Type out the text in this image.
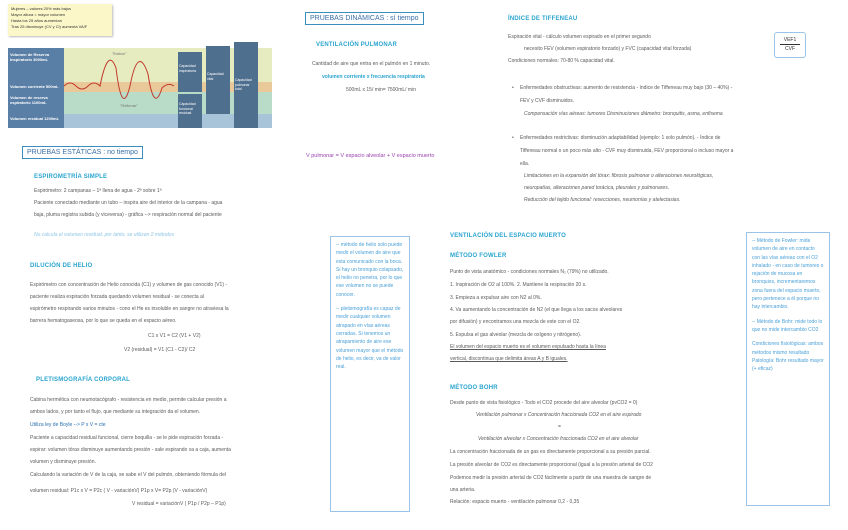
Mujeres – valores 20% más bajos
Mayor altura = mayor volumen
Hasta los 25 años aumentan
Tras 25 disminuye (CV y Cl) aumenta VA/F
Volumen de Reserva Inspiratorio 3000mL
Volumen corriente 500mL
Volumen de reserva espiratorio 1100mL
Volumen residual 1200mL
Capacidad inspiratoria
Capacidad funcional residual
Capacidad vital	Capacidad pulmonar total
"Estirar"
"Rellenar"
PRUEBAS ESTÁTICAS : no tiempo
ESPIROMETRÍA SIMPLE
Espirómetro: 2 campanas – 1ª llena de agua - 2ª sobre 1ª
Paciente conectado mediante un tubo – inspira aire del interior de la campana - agua
baja, pluma registra subida (y viceversa) - gráfica --> respiración normal del paciente
No calcula el volumen residual, por tanto, se utilizan 2 métodos
DILUCIÓN DE HELIO
Espirómetro con concentración de Helio conocida (C1) y volumen de gas conocido (V1) -
paciente realiza espiración forzada quedando volumen residual - se conecta al
espirómetro respirando varios minutos - cono el He es insoluble en sangre no atraviesa la
barrera hematogaseosa, por lo que se queda en el espacio aéreo.
C1 x V1 = C2 (V1 + V2)
V2 (residual) = V1 (C1 - C2)/ C2
PLETISMOGRAFÍA CORPORAL
Cabina hermética con neumotacógrafo - resistencia en medio, permite calcular presión a
ambos lados, y por tanto el flujo, que mediante su integración da el volumen.
Utiliza ley de Boyle --> P x V = cte
Paciente a capacidad residual funcional, cierre boquilla - se le pide espiración forzada -
espirar: volumen tórax disminuye aumentando presión - sale espirando va a caja, aumenta
volumen y disminuye presión.
Calculando la variación de V de la caja, se sabe el V del pulmón, obteniendo fórmula del
volumen residual: P1c x V = P2c ( V - variaciónV) P1p x V= P2p (V - variaciónV)
V residual = variaciónV ( P1p / P2p – P1p)

-- método de helio solo puede medir el volumen de aire que esta comunicado con la boca. Si hay un bronquio colapsado, el helio no penetra, por lo que ese volumen no se puede conocer.

-- pletismografía es capaz de medir cualquier volumen atrapado en vías aéreas cerradas. Si tenemos un atrapamiento de aire ese volumen mayor que el método de helio, es decir, va de valor real.

PRUEBAS DINÁMICAS : sí tiempo
VENTILACIÓN PULMONAR
Cantidad de aire que entra en el pulmón en 1 minuto.
volumen corriente x frecuencia respiratoria
500mL x 15/ min= 7500mL/ min
V pulmonar = V espacio alveolar + V espacio muerto
ÍNDICE DE TIFFENEAU
Espiración vital - cálculo volumen espirado en el primer segundo
necesito FEV (volumen espiratorio forzado) y FVC (capacidad vital forzada)
Condiciones normales: 70-80 % capacidad vital.
VEF1
CVF
• Enfermedades obstructivas: aumento de resistencia - índice de Tiffeneau muy bajo (30 – 40%) -
FEV y CVF disminuidos.
Compensación vías aéreas: tumores Disminuciones diámetro: bronquitis, asma, enfisema
• Enfermedades restrictivas: disminución adaptabilidad (ejemplo: 1 solo pulmón). - Índice de
Tiffeneau normal o un poco más alto - CVF muy disminuida, FEV proporcional o incluso mayor a
ella.
Limitaciones en la expansión del tórax: fibrosis pulmonar o alteraciones neurológicas,
neuropatías, alteraciones pared torácica, pleurales y pulmonares.
Reducción del tejido funcional: resecciones, neumonías y atelectasias.
VENTILACIÓN DEL ESPACIO MUERTO
MÉTODO FOWLER
Punto de vista anatómico - condiciones normales N₂ (79%) no utilizado.
1. Inspiración de O2 al 100%. 2. Mantiene la respiración 20 s.
3. Empieza a expulsar aire con N2 al 0%.
4. Va aumentando la concentración de N2 (el que llega a los sacos alveolares
por difusión) y encontramos una mezcla de este con el O2.
5. Expulsa el gas alveolar (mezcla de oxígeno y nitrógeno).
El volumen del espacio muerto es el volumen expulsado hasta la línea
vertical, discontinua que delimita áreas A y B iguales.
MÉTODO BOHR
Desde punto de vista fisiológico - Todo el CO2 procede del aire alveolar (pvCO2 = 0)
Ventilación pulmonar x Concentración fraccionada CO2 en el aire espirado
=
Ventilación alveolar x Concentración fraccionada CO2 en el aire alveolar
La concentración fraccionada de un gas es directamente proporcional a su presión parcial.
La presión alveolar de CO2 es directamente proporcional (igual a la presión arterial de CO2
Podemos medir la presión arterial de CO2 fácilmente a partir de una muestra de sangre de
una arteria.
Relación: espacio muerto - ventilación pulmonar 0,2 - 0,35

-- Método de Fowler: mide volumen de aire en contacto con las vías aéreas con el O2 inhalado - en caso de tumores o rejación de mucosa en bronquios, incrementaremos zona fuera del espacio muerto, pero pertenece a él porque no hay intercambio.

-- Método de Bohr: mide todo lo que no mide intercambio CO2

Condiciones fisiológicas: ambos métodos mismo resultado

Patología: Bohr resultado mayor (+ eficaz)
